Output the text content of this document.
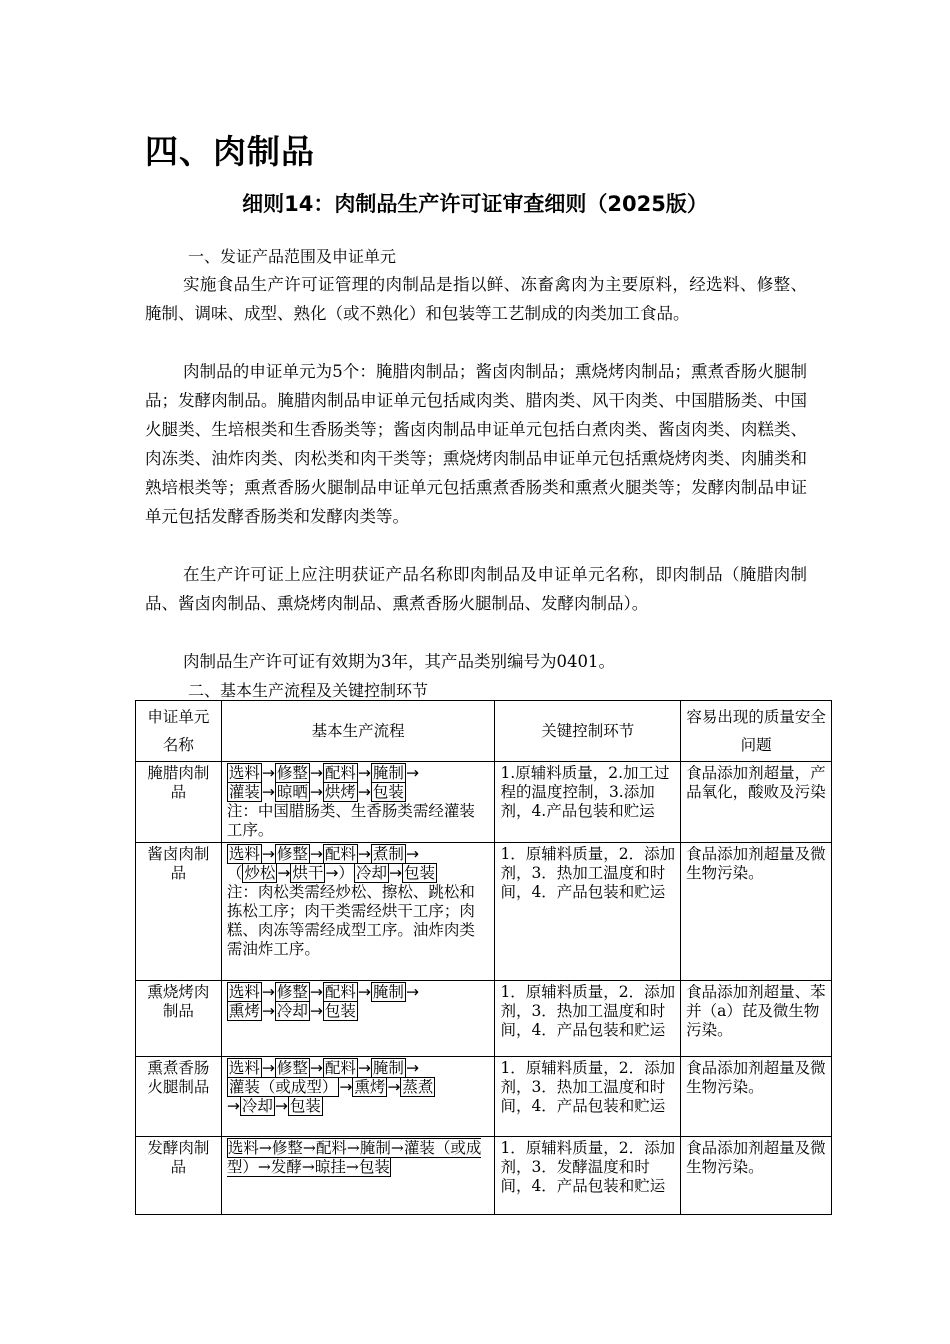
四、肉制品
细则14：肉制品生产许可证审查细则（2025版）
一、发证产品范围及申证单元
实施食品生产许可证管理的肉制品是指以鲜、冻畜禽肉为主要原料，经选料、修整、腌制、调味、成型、熟化（或不熟化）和包装等工艺制成的肉类加工食品。
肉制品的申证单元为5个：腌腊肉制品；酱卤肉制品；熏烧烤肉制品；熏煮香肠火腿制品；发酵肉制品。腌腊肉制品申证单元包括咸肉类、腊肉类、风干肉类、中国腊肠类、中国火腿类、生培根类和生香肠类等；酱卤肉制品申证单元包括白煮肉类、酱卤肉类、肉糕类、肉冻类、油炸肉类、肉松类和肉干类等；熏烧烤肉制品申证单元包括熏烧烤肉类、肉脯类和熟培根类等；熏煮香肠火腿制品申证单元包括熏煮香肠类和熏煮火腿类等；发酵肉制品申证单元包括发酵香肠类和发酵肉类等。
在生产许可证上应注明获证产品名称即肉制品及申证单元名称，即肉制品（腌腊肉制品、酱卤肉制品、熏烧烤肉制品、熏煮香肠火腿制品、发酵肉制品）。
肉制品生产许可证有效期为3年，其产品类别编号为0401。
二、基本生产流程及关键控制环节
申证单元名称	基本生产流程	关键控制环节	容易出现的质量安全问题
腌腊肉制品	选料 → 修整 → 配料 → 腌制 →
灌装 → 晾晒 → 烘烤 → 包装
注：中国腊肠类、生香肠类需经灌装工序。	1.原辅料质量，2.加工过程的温度控制，3.添加剂，4.产品包装和贮运	食品添加剂超量，产品氧化，酸败及污染
酱卤肉制品	选料 → 修整 → 配料 → 煮制 →
（ 炒松 → 烘干 →） 冷却 → 包装
注：肉松类需经炒松、擦松、跳松和拣松工序；肉干类需经烘干工序；肉糕、肉冻等需经成型工序。油炸肉类需油炸工序。	1．原辅料质量，2．添加剂，3．热加工温度和时间，4．产品包装和贮运	食品添加剂超量及微生物污染。
熏烧烤肉制品	选料 → 修整 → 配料 → 腌制 →
熏烤 → 冷却 → 包装	1．原辅料质量，2．添加剂，3．热加工温度和时间，4．产品包装和贮运	食品添加剂超量、苯并（a）芘及微生物污染。
熏煮香肠火腿制品	选料 → 修整 → 配料 → 腌制 →
灌装（或成型） → 熏烤 → 蒸煮
→ 冷却 → 包装	1．原辅料质量，2．添加剂，3．热加工温度和时间，4．产品包装和贮运	食品添加剂超量及微生物污染。
发酵肉制品	选料→修整→配料→腌制→灌装（或成型）→发酵→晾挂→包装	1．原辅料质量，2．添加剂，3．发酵温度和时间，4．产品包装和贮运	食品添加剂超量及微生物污染。
